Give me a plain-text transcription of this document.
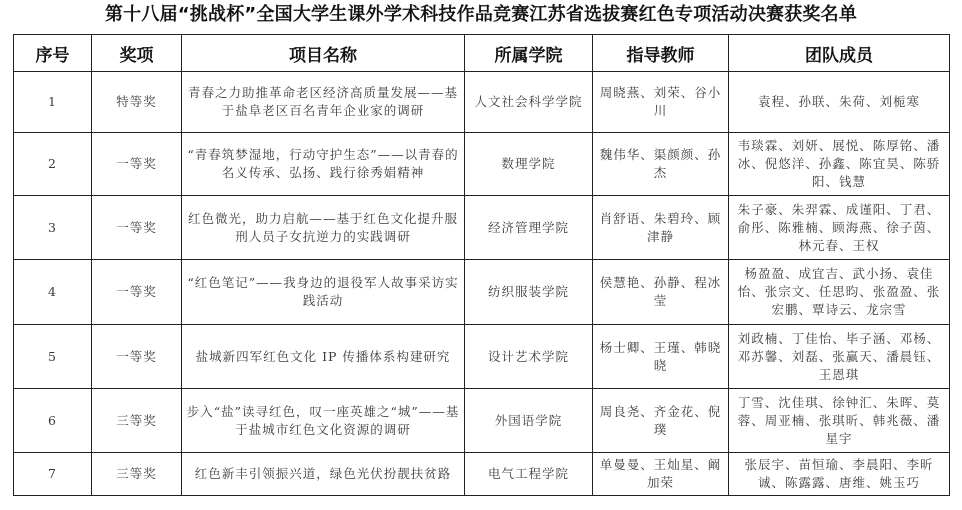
第十八届“挑战杯”全国大学生课外学术科技作品竞赛江苏省选拔赛红色专项活动决赛获奖名单
序号	奖项	项目名称	所属学院	指导教师	团队成员
1	特等奖	青春之力助推革命老区经济高质量发展——基于盐阜老区百名青年企业家的调研	人文社会科学学院	周晓燕、刘荣、谷小川	袁程、孙联、朱荷、刘栀寒
2	一等奖	“青春筑梦湿地，行动守护生态”——以青春的名义传承、弘扬、践行徐秀娟精神	数理学院	魏伟华、渠颜颜、孙杰	韦琰霖、刘妍、展悦、陈厚铭、潘冰、倪悠洋、孙鑫、陈宜昊、陈骄阳、钱慧
3	一等奖	红色微光，助力启航——基于红色文化提升服刑人员子女抗逆力的实践调研	经济管理学院	肖舒语、朱碧玲、顾津静	朱子豪、朱羿霖、成谨阳、丁君、俞彤、陈雅楠、顾海燕、徐子茵、林元春、王权
4	一等奖	“红色笔记”——我身边的退役军人故事采访实践活动	纺织服装学院	侯慧艳、孙静、程冰莹	杨盈盈、成宜吉、武小扬、袁佳怡、张宗文、任思昀、张盈盈、张宏鹏、覃诗云、龙宗雪
5	一等奖	盐城新四军红色文化 IP 传播体系构建研究	设计艺术学院	杨士卿、王瑾、韩晓晓	刘政楠、丁佳怡、毕子涵、邓杨、邓苏馨、刘磊、张赢天、潘晨钰、王恩琪
6	三等奖	步入“盐”读寻红色，叹一座英雄之“城”——基于盐城市红色文化资源的调研	外国语学院	周良尧、齐金花、倪璞	丁雪、沈佳琪、徐钟汇、朱晖、莫蓉、周亚楠、张琪昕、韩兆薇、潘星宇
7	三等奖	红色新丰引领振兴道，绿色光伏扮靓扶贫路	电气工程学院	单曼曼、王灿星、阚加荣	张辰宇、苗恒瑜、李晨阳、李昕诚、陈露露、唐维、姚玉巧
